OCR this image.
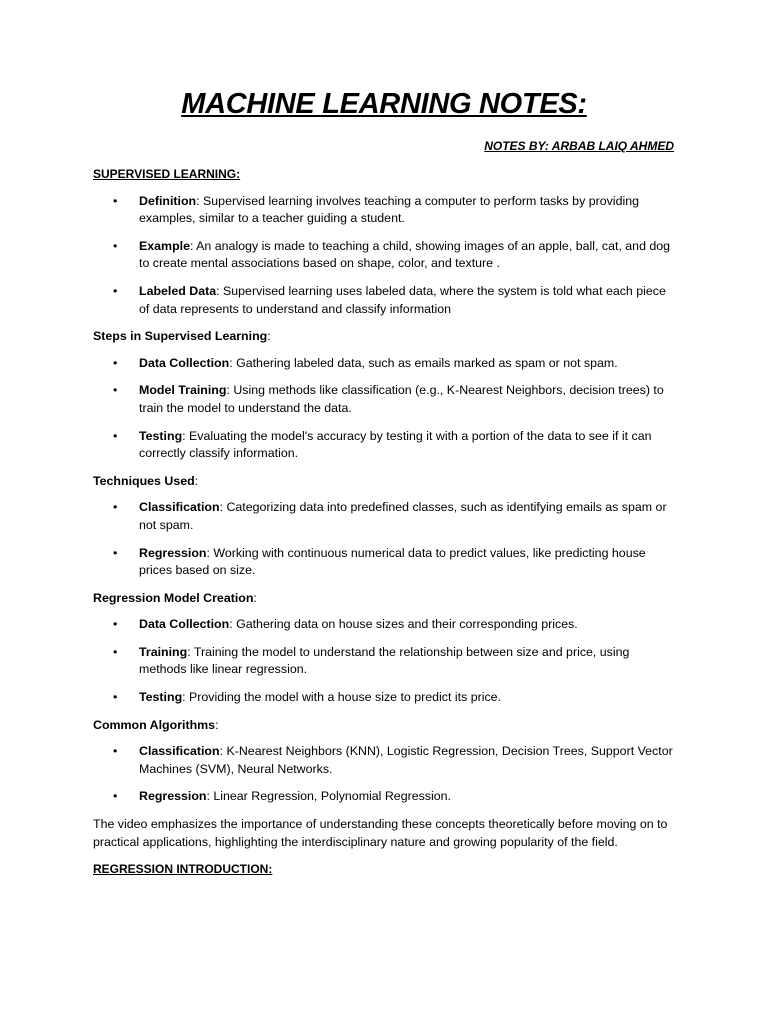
MACHINE LEARNING NOTES:

NOTES BY: ARBAB LAIQ AHMED

SUPERVISED LEARNING:

• Definition: Supervised learning involves teaching a computer to perform tasks by providing examples, similar to a teacher guiding a student.
• Example: An analogy is made to teaching a child, showing images of an apple, ball, cat, and dog to create mental associations based on shape, color, and texture .
• Labeled Data: Supervised learning uses labeled data, where the system is told what each piece of data represents to understand and classify information

Steps in Supervised Learning:

• Data Collection: Gathering labeled data, such as emails marked as spam or not spam.
• Model Training: Using methods like classification (e.g., K-Nearest Neighbors, decision trees) to train the model to understand the data.
• Testing: Evaluating the model's accuracy by testing it with a portion of the data to see if it can correctly classify information.

Techniques Used:

• Classification: Categorizing data into predefined classes, such as identifying emails as spam or not spam.
• Regression: Working with continuous numerical data to predict values, like predicting house prices based on size.

Regression Model Creation:

• Data Collection: Gathering data on house sizes and their corresponding prices.
• Training: Training the model to understand the relationship between size and price, using methods like linear regression.
• Testing: Providing the model with a house size to predict its price.

Common Algorithms:

• Classification: K-Nearest Neighbors (KNN), Logistic Regression, Decision Trees, Support Vector Machines (SVM), Neural Networks.
• Regression: Linear Regression, Polynomial Regression.

The video emphasizes the importance of understanding these concepts theoretically before moving on to practical applications, highlighting the interdisciplinary nature and growing popularity of the field.

REGRESSION INTRODUCTION:
